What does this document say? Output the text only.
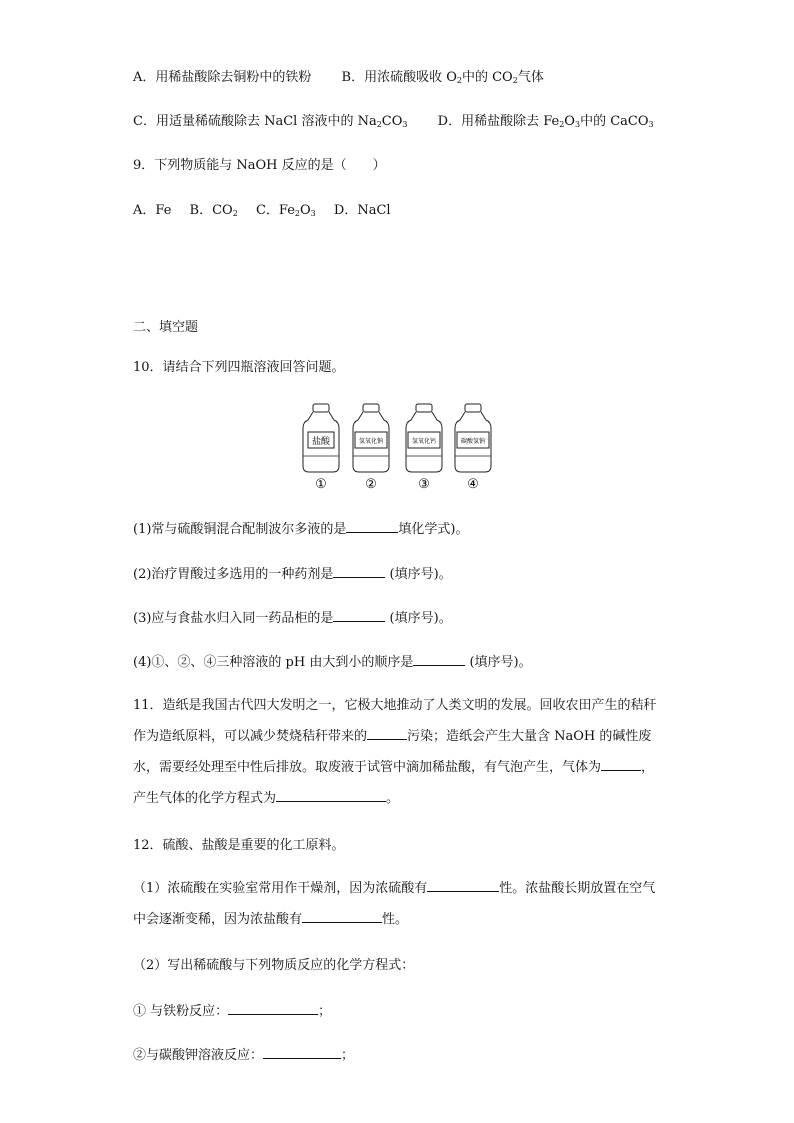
A．用稀盐酸除去铜粉中的铁粉 B．用浓硫酸吸收 $O_2$中的 $CO_2$气体
C．用适量稀硫酸除去 NaCl 溶液中的 $Na_2CO_3$ D．用稀盐酸除去 $Fe_2O_3$中的 CaCO$_3$
9．下列物质能与 NaOH 反应的是（　　）
A．Fe B．$CO_2$ C．$Fe_2O_3$ D．NaCl
二、填空题
10．请结合下列四瓶溶液回答问题。
盐酸
①
氢氧化钠
②
氢氧化钙
③
碳酸氢钠
④
(1)常与硫酸铜混合配制波尔多液的是	填化学式)。
(2)治疗胃酸过多选用的一种药剂是	(填序号)。
(3)应与食盐水归入同一药品柜的是	(填序号)。
(4)①、②、④三种溶液的 pH 由大到小的顺序是	(填序号)。
11．造纸是我国古代四大发明之一，它极大地推动了人类文明的发展。回收农田产生的秸秆作为造纸原料，可以减少焚烧秸秆带来的	污染；造纸会产生大量含 NaOH 的碱性废水，需要经处理至中性后排放。取废液于试管中滴加稀盐酸，有气泡产生，气体为	，产生气体的化学方程式为	。
12．硫酸、盐酸是重要的化工原料。
（1）浓硫酸在实验室常用作干燥剂，因为浓硫酸有	性。浓盐酸长期放置在空气中会逐渐变稀，因为浓盐酸有	性。
（2）写出稀硫酸与下列物质反应的化学方程式：
① 与铁粉反应：	；
②与碳酸钾溶液反应：	；
